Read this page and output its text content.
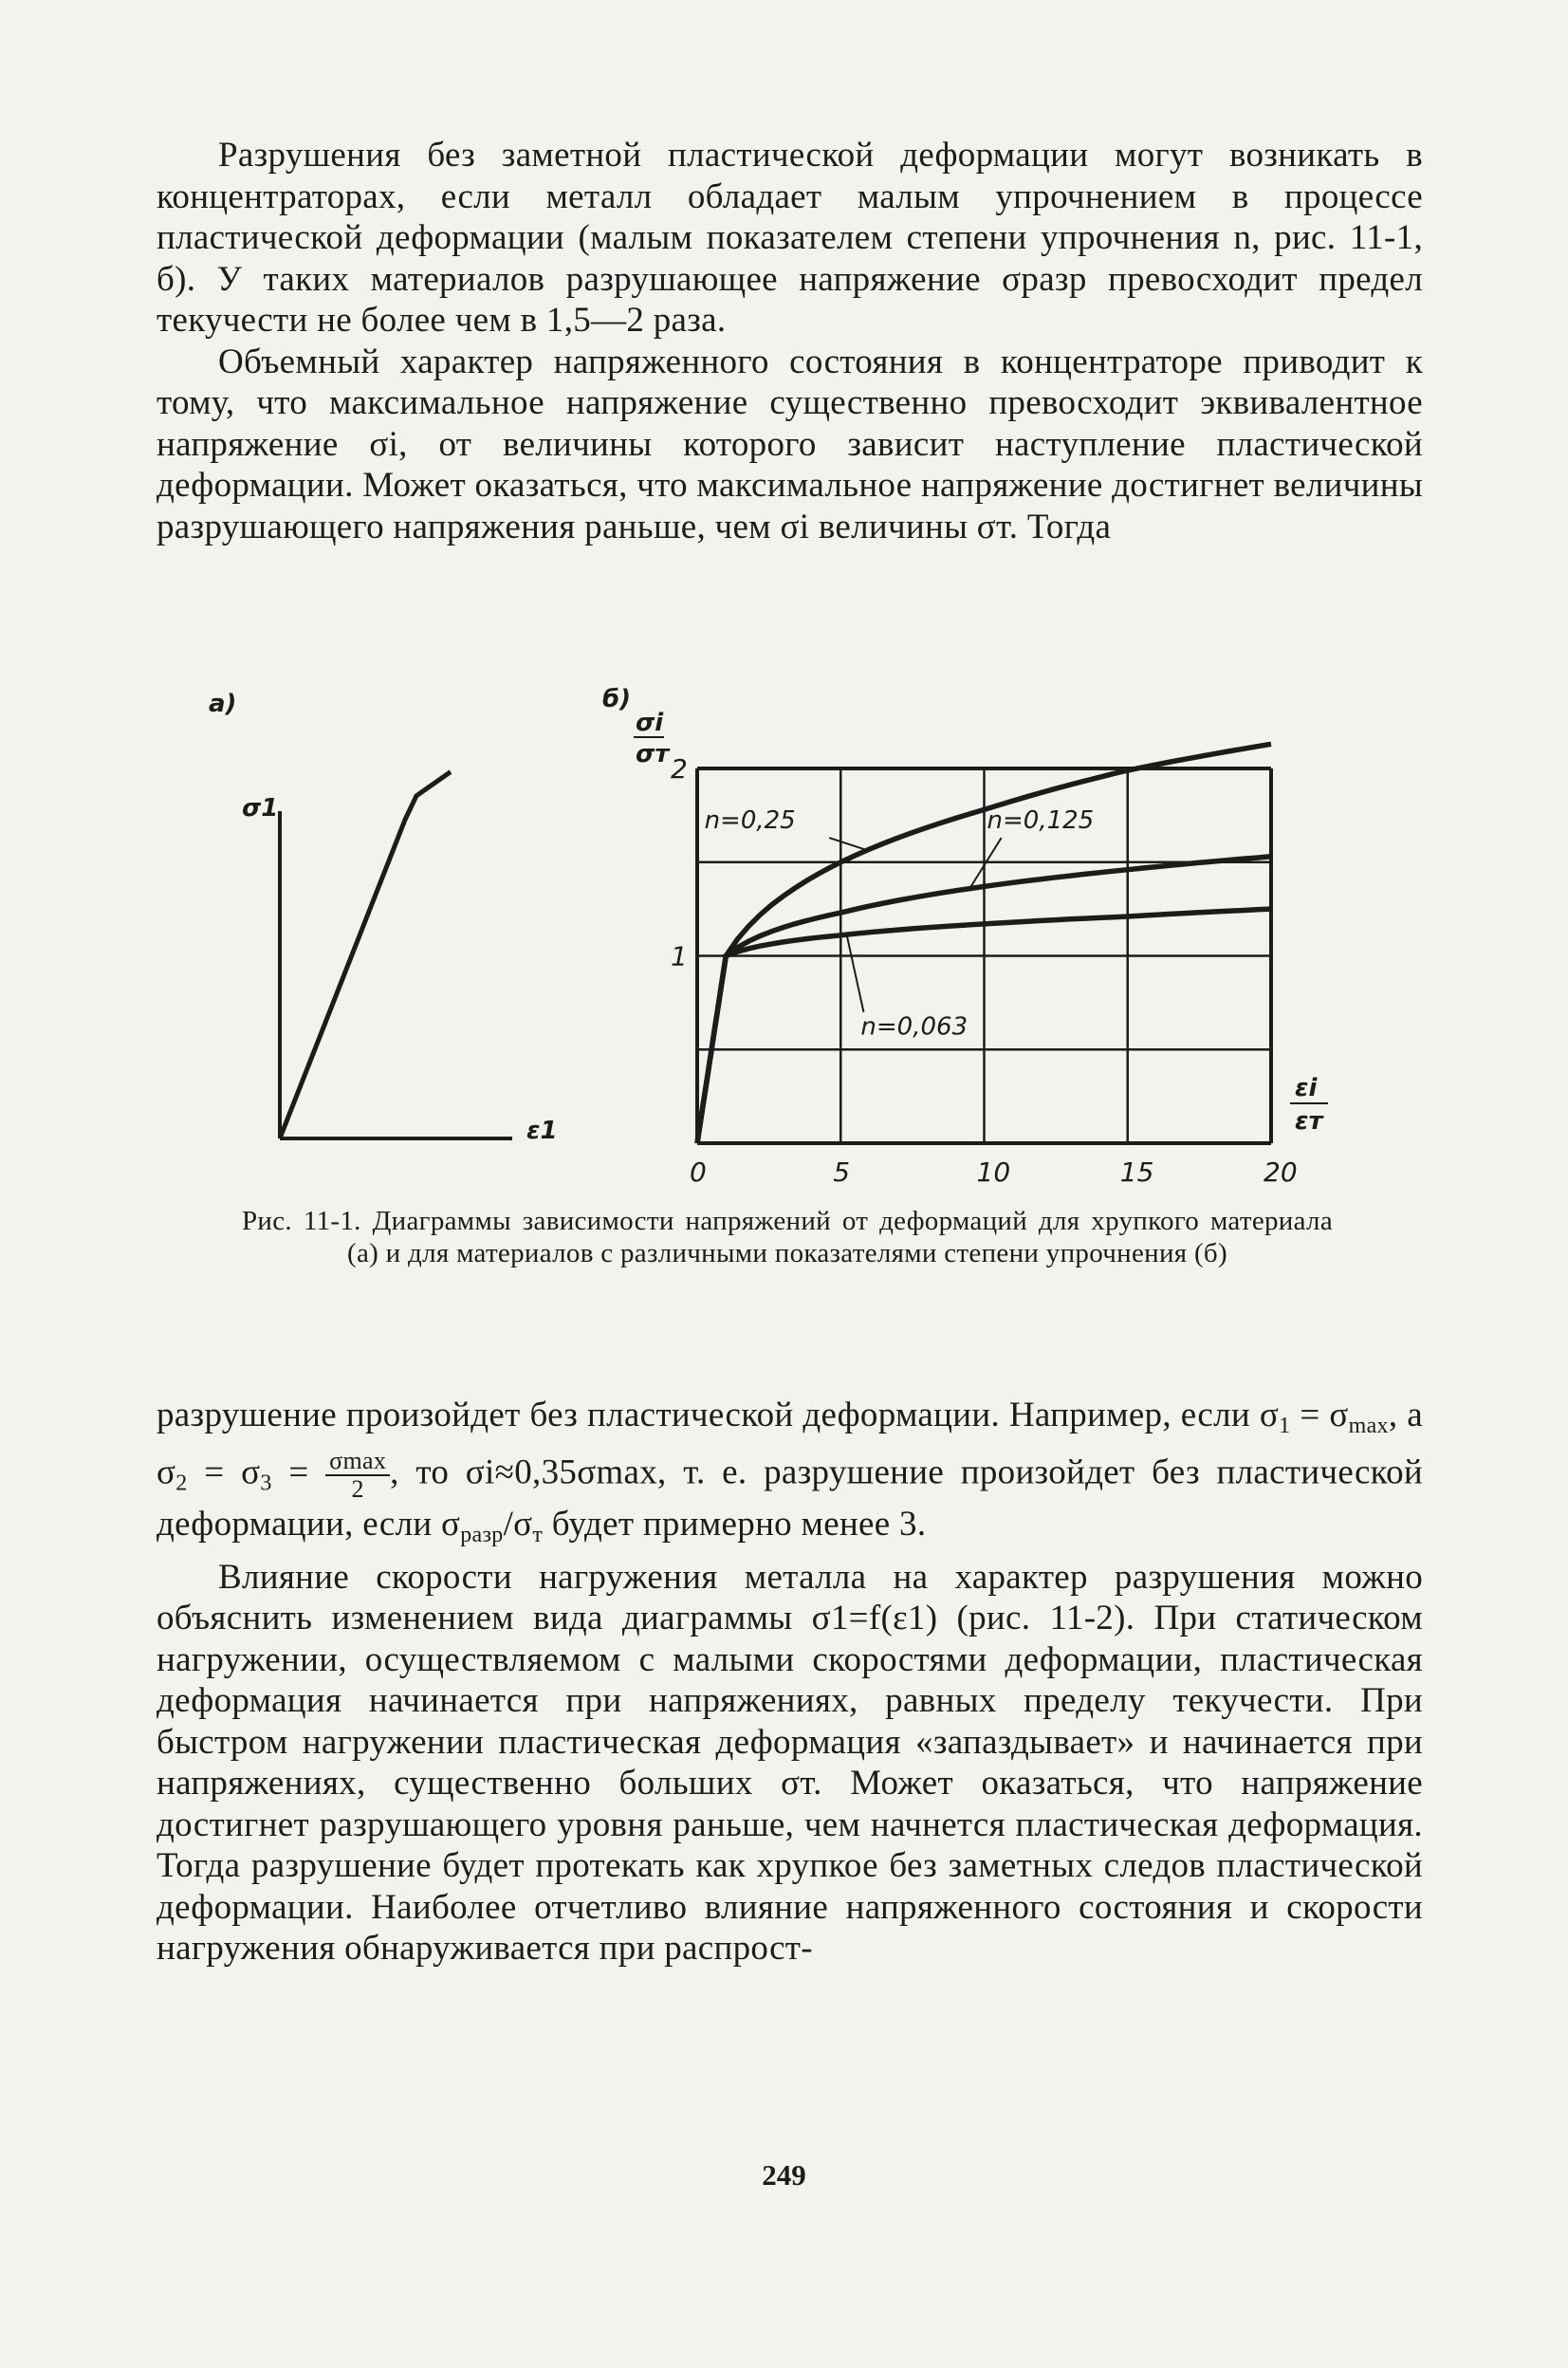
Разрушения без заметной пластической деформации могут возникать в концентраторах, если металл обладает малым упрочнением в процессе пластической деформации (малым показателем степени упрочнения n, рис. 11-1, б). У таких материалов разрушающее напряжение σразр превосходит предел текучести не более чем в 1,5—2 раза.

Объемный характер напряженного состояния в концентраторе приводит к тому, что максимальное напряжение существенно превосходит эквивалентное напряжение σi, от величины которого зависит наступление пластической деформации. Может оказаться, что максимальное напряжение достигнет величины разрушающего напряжения раньше, чем σi величины σт. Тогда

а)
σ1
ε1
б)
σi
σт
0	5	10	15	20
1
2
εi
εт
n=0,25	n=0,125
n=0,063
Рис. 11-1. Диаграммы зависимости напряжений от деформаций для хрупкого материала (а) и для материалов с различными показателями степени упрочнения (б)

разрушение произойдет без пластической деформации. Например, если $\sigma_1 = \sigma_{max}$, а $\sigma_2 = \sigma_3 = \frac{\sigma\max}{2}$ , то σi≈0,35σmax, т. е. разрушение произойдет без пластической деформации, если $\sigma_{разр}/\sigma_т$ будет примерно менее 3.

Влияние скорости нагружения металла на характер разрушения можно объяснить изменением вида диаграммы σ1=f(ε1) (рис. 11-2). При статическом нагружении, осуществляемом с малыми скоростями деформации, пластическая деформация начинается при напряжениях, равных пределу текучести. При быстром нагружении пластическая деформация «запаздывает» и начинается при напряжениях, существенно больших σт. Может оказаться, что напряжение достигнет разрушающего уровня раньше, чем начнется пластическая деформация. Тогда разрушение будет протекать как хрупкое без заметных следов пластической деформации. Наиболее отчетливо влияние напряженного состояния и скорости нагружения обнаруживается при распрост-

249
